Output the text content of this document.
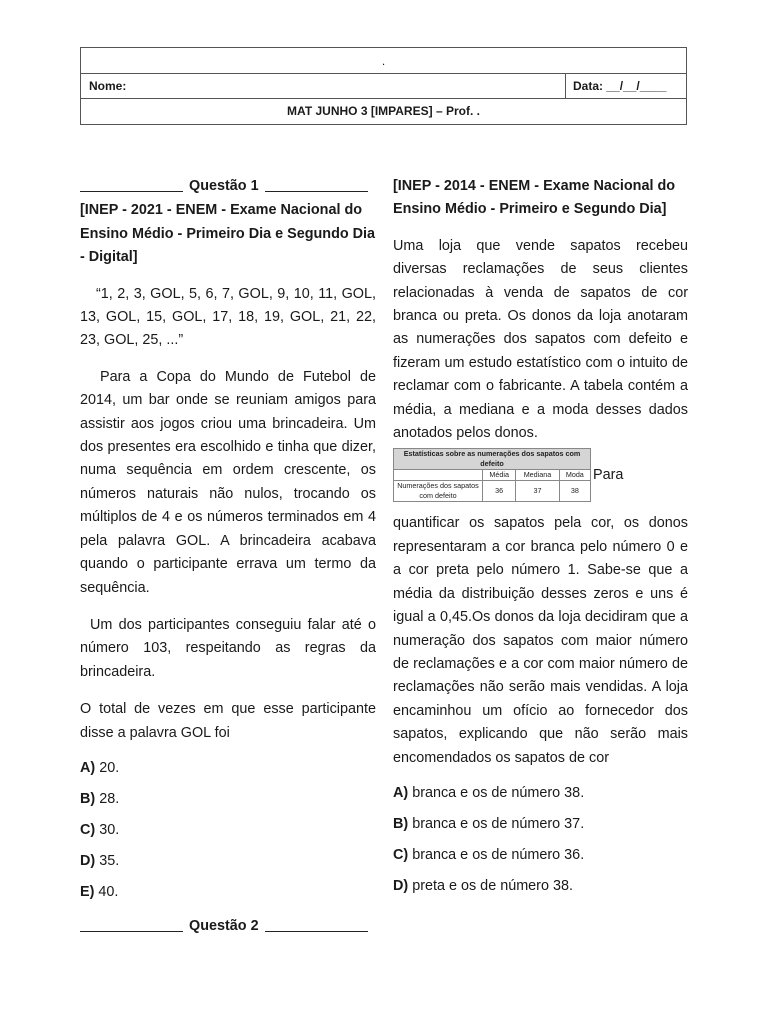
.
Nome:	Data: __/__/____
MAT JUNHO 3 [IMPARES] – Prof. .
Questão 1
[INEP - 2021 - ENEM - Exame Nacional do Ensino Médio - Primeiro Dia e Segundo Dia - Digital]

“1, 2, 3, GOL, 5, 6, 7, GOL, 9, 10, 11, GOL, 13, GOL, 15, GOL, 17, 18, 19, GOL, 21, 22, 23, GOL, 25, ...”

Para a Copa do Mundo de Futebol de 2014, um bar onde se reuniam amigos para assistir aos jogos criou uma brincadeira. Um dos presentes era escolhido e tinha que dizer, numa sequência em ordem crescente, os números naturais não nulos, trocando os múltiplos de 4 e os números terminados em 4 pela palavra GOL. A brincadeira acabava quando o participante errava um termo da sequência.

Um dos participantes conseguiu falar até o número 103, respeitando as regras da brincadeira.

O total de vezes em que esse participante disse a palavra GOL foi

A) 20.
B) 28.
C) 30.
D) 35.
E) 40.
Questão 2
[INEP - 2014 - ENEM - Exame Nacional do Ensino Médio - Primeiro e Segundo Dia]

Uma loja que vende sapatos recebeu diversas reclamações de seus clientes relacionadas à venda de sapatos de cor branca ou preta. Os donos da loja anotaram as numerações dos sapatos com defeito e fizeram um estudo estatístico com o intuito de reclamar com o fabricante. A tabela contém a média, a mediana e a moda desses dados anotados pelos donos.

Estatísticas sobre as numerações dos sapatos com defeito			
	Média	Mediana	Moda
Numerações dos sapatos com defeito	36	37	38
Para

quantificar os sapatos pela cor, os donos representaram a cor branca pelo número 0 e a cor preta pelo número 1. Sabe-se que a média da distribuição desses zeros e uns é igual a 0,45.Os donos da loja decidiram que a numeração dos sapatos com maior número de reclamações e a cor com maior número de reclamações não serão mais vendidas. A loja encaminhou um ofício ao fornecedor dos sapatos, explicando que não serão mais encomendados os sapatos de cor

A) branca e os de número 38.
B) branca e os de número 37.
C) branca e os de número 36.
D) preta e os de número 38.
